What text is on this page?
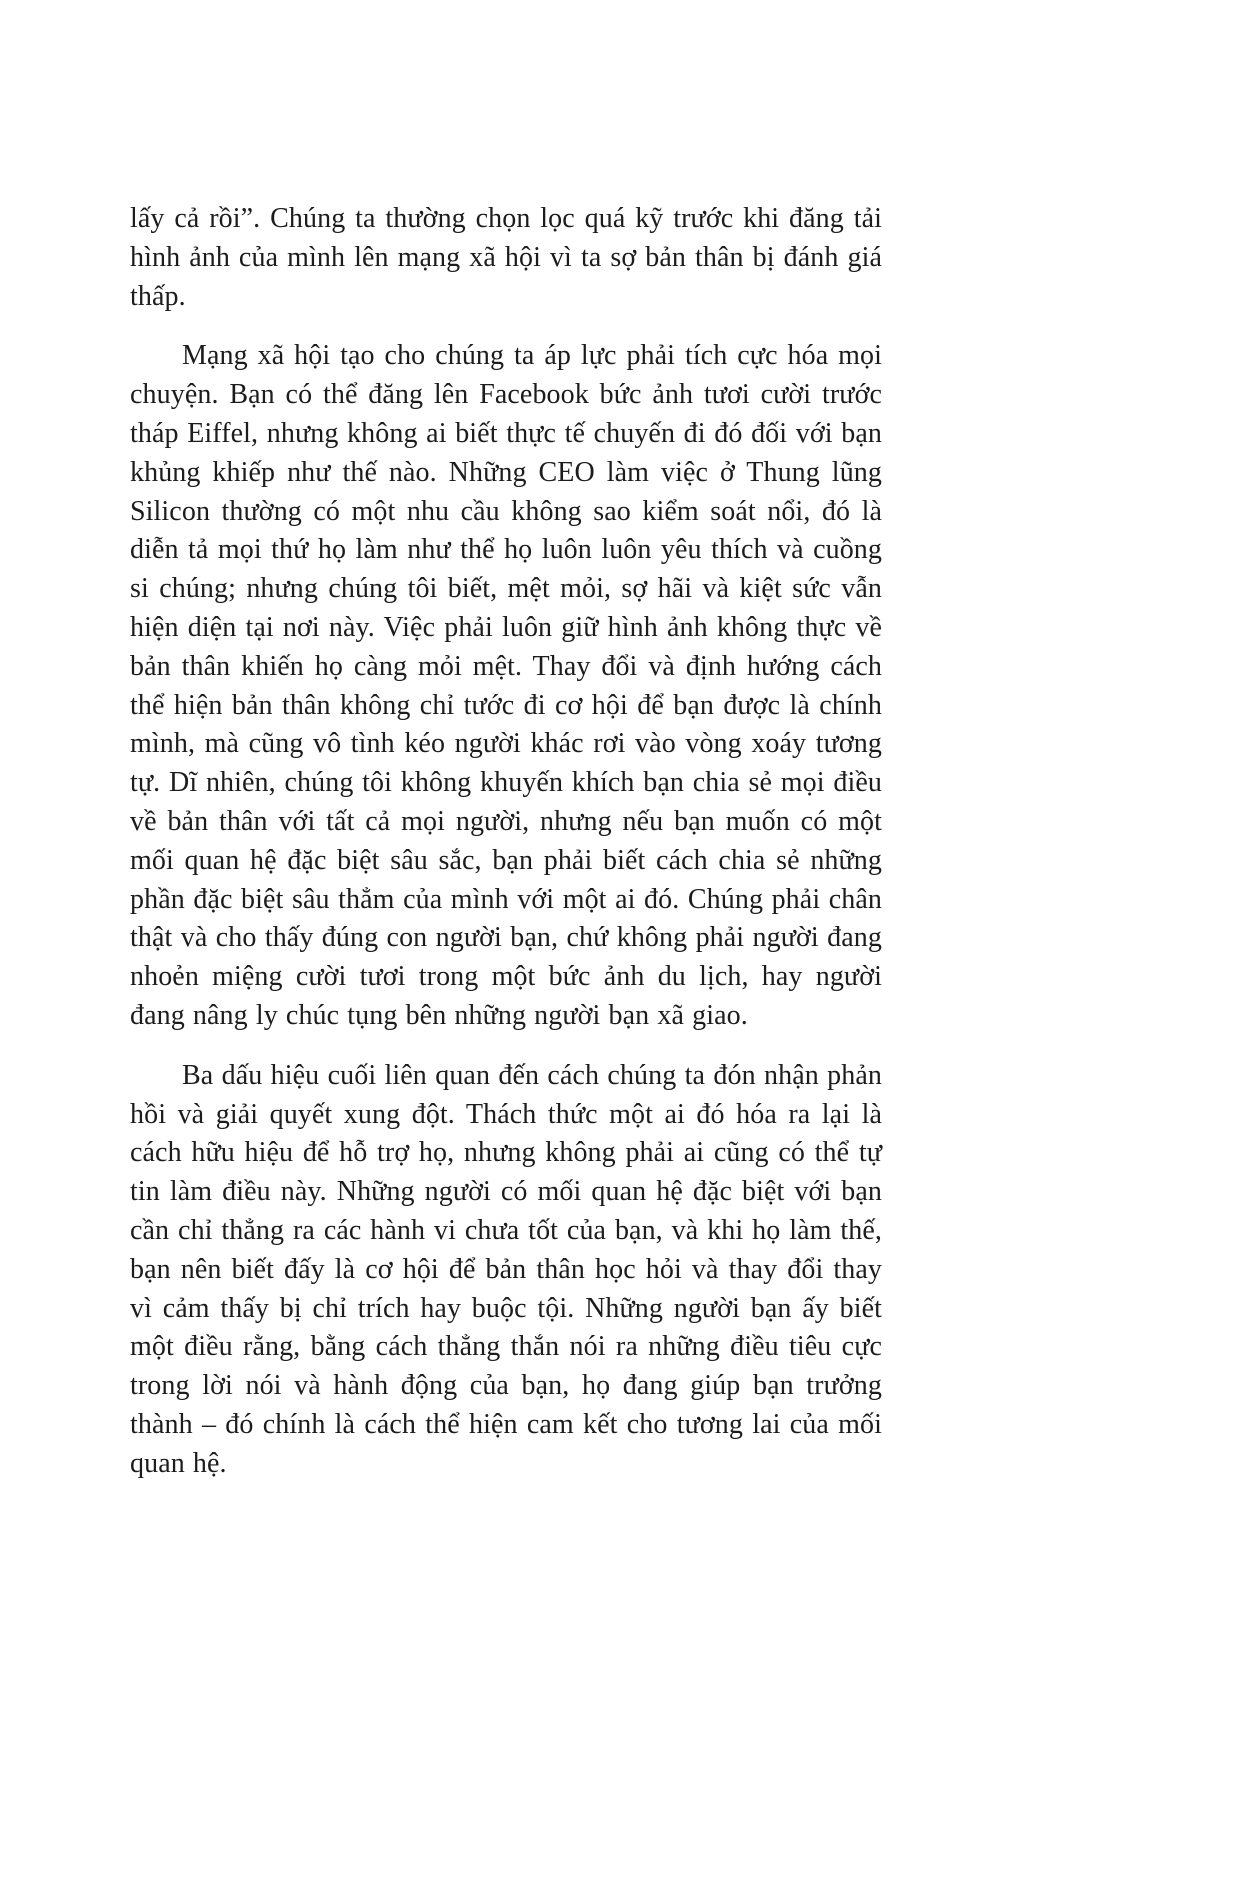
lấy cả rồi”. Chúng ta thường chọn lọc quá kỹ trước khi đăng tải hình ảnh của mình lên mạng xã hội vì ta sợ bản thân bị đánh giá thấp.

Mạng xã hội tạo cho chúng ta áp lực phải tích cực hóa mọi chuyện. Bạn có thể đăng lên Facebook bức ảnh tươi cười trước tháp Eiffel, nhưng không ai biết thực tế chuyến đi đó đối với bạn khủng khiếp như thế nào. Những CEO làm việc ở Thung lũng Silicon thường có một nhu cầu không sao kiểm soát nổi, đó là diễn tả mọi thứ họ làm như thể họ luôn luôn yêu thích và cuồng si chúng; nhưng chúng tôi biết, mệt mỏi, sợ hãi và kiệt sức vẫn hiện diện tại nơi này. Việc phải luôn giữ hình ảnh không thực về bản thân khiến họ càng mỏi mệt. Thay đổi và định hướng cách thể hiện bản thân không chỉ tước đi cơ hội để bạn được là chính mình, mà cũng vô tình kéo người khác rơi vào vòng xoáy tương tự. Dĩ nhiên, chúng tôi không khuyến khích bạn chia sẻ mọi điều về bản thân với tất cả mọi người, nhưng nếu bạn muốn có một mối quan hệ đặc biệt sâu sắc, bạn phải biết cách chia sẻ những phần đặc biệt sâu thẳm của mình với một ai đó. Chúng phải chân thật và cho thấy đúng con người bạn, chứ không phải người đang nhoẻn miệng cười tươi trong một bức ảnh du lịch, hay người đang nâng ly chúc tụng bên những người bạn xã giao.

Ba dấu hiệu cuối liên quan đến cách chúng ta đón nhận phản hồi và giải quyết xung đột. Thách thức một ai đó hóa ra lại là cách hữu hiệu để hỗ trợ họ, nhưng không phải ai cũng có thể tự tin làm điều này. Những người có mối quan hệ đặc biệt với bạn cần chỉ thẳng ra các hành vi chưa tốt của bạn, và khi họ làm thế, bạn nên biết đấy là cơ hội để bản thân học hỏi và thay đổi thay vì cảm thấy bị chỉ trích hay buộc tội. Những người bạn ấy biết một điều rằng, bằng cách thẳng thắn nói ra những điều tiêu cực trong lời nói và hành động của bạn, họ đang giúp bạn trưởng thành – đó chính là cách thể hiện cam kết cho tương lai của mối quan hệ.
